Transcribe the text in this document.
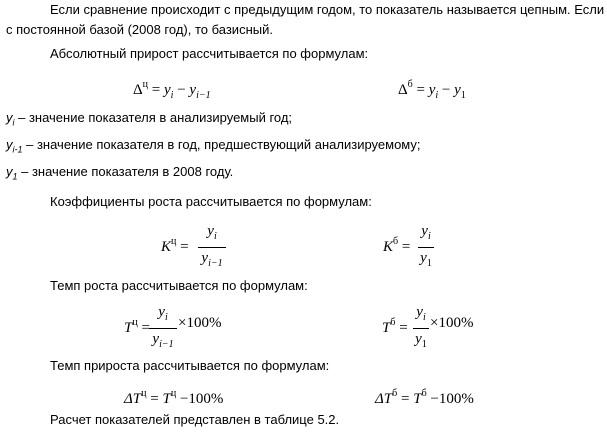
Если сравнение происходит с предыдущим годом, то показатель называется цепным. Если
с постоянной базой (2008 год), то базисный.
Абсолютный прирост рассчитывается по формулам:
$\Delta^ц = y_i - y_{i-1}$	$\Delta^б = y_i - y_1$
$y_i$ – значение показателя в анализируемый год;
$y_{i-1}$ – значение показателя в год, предшествующий анализируемому;
$y_1$ – значение показателя в 2008 году.
Коэффициенты роста рассчитывается по формулам:
$K^ц$ =
$y_i$
$y_{i-1}$
$K^б$ =
$y_i$
$y_1$
Темп роста рассчитывается по формулам:
$T^ц$ =
$y_i$
$y_{i-1}$
×100%	$T^б$ =
$y_i$
$y_1$
×100%
Темп прироста рассчитывается по формулам:
$\Delta T^ц = T^ц -100\%$	$\Delta T^б = T^б -100\%$
Расчет показателей представлен в таблице 5.2.
